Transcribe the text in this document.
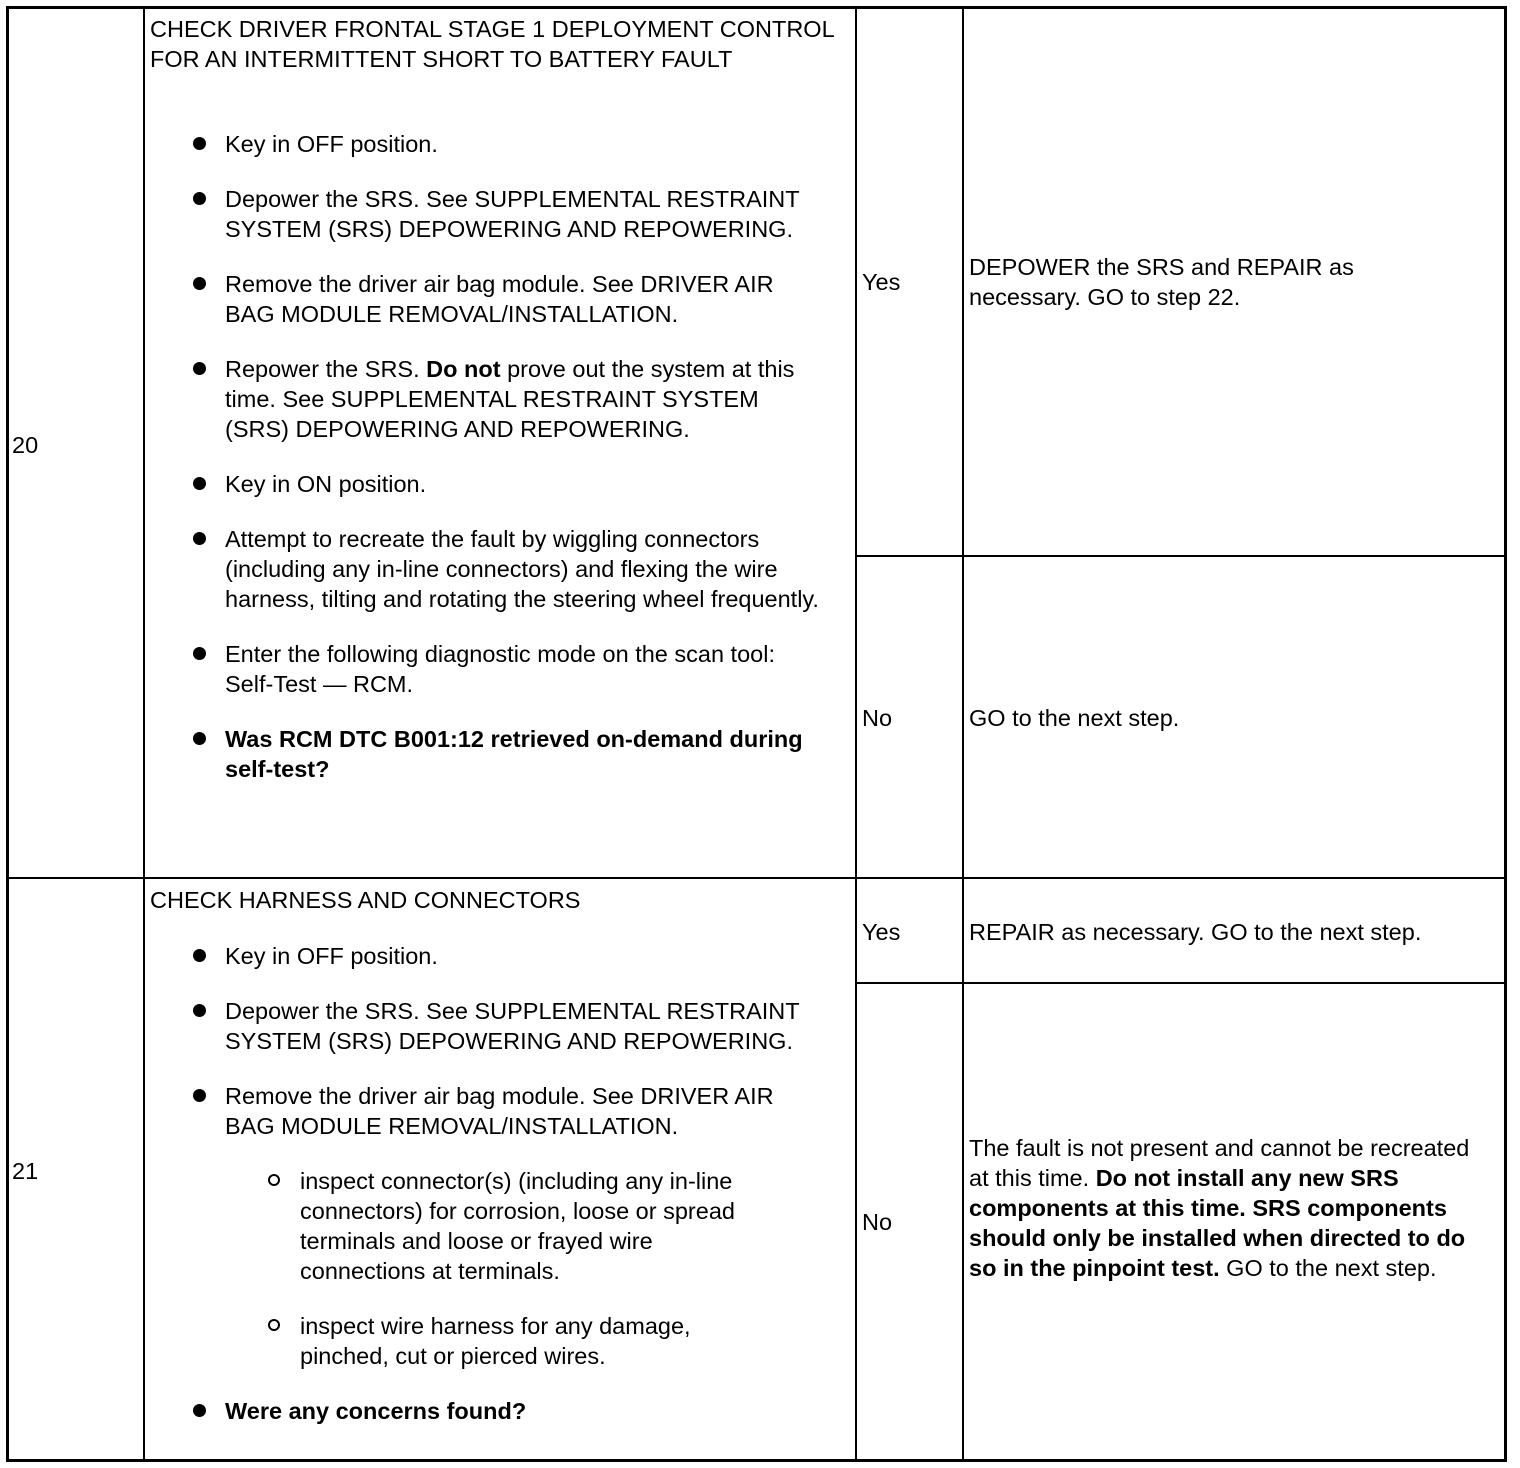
20
CHECK DRIVER FRONTAL STAGE 1 DEPLOYMENT CONTROL FOR AN INTERMITTENT SHORT TO BATTERY FAULT
Key in OFF position.
Depower the SRS. See SUPPLEMENTAL RESTRAINT SYSTEM (SRS) DEPOWERING AND REPOWERING.
Remove the driver air bag module. See DRIVER AIR BAG MODULE REMOVAL/INSTALLATION.
Repower the SRS. Do not prove out the system at this time. See SUPPLEMENTAL RESTRAINT SYSTEM (SRS) DEPOWERING AND REPOWERING.
Key in ON position.
Attempt to recreate the fault by wiggling connectors (including any in-line connectors) and flexing the wire harness, tilting and rotating the steering wheel frequently.
Enter the following diagnostic mode on the scan tool: Self-Test — RCM.
Was RCM DTC B001:12 retrieved on-demand during self-test?
Yes
DEPOWER the SRS and REPAIR as necessary. GO to step 22.
No	GO to the next step.
21
CHECK HARNESS AND CONNECTORS
Key in OFF position.
Depower the SRS. See SUPPLEMENTAL RESTRAINT SYSTEM (SRS) DEPOWERING AND REPOWERING.
Remove the driver air bag module. See DRIVER AIR BAG MODULE REMOVAL/INSTALLATION.
inspect connector(s) (including any in-line connectors) for corrosion, loose or spread terminals and loose or frayed wire connections at terminals.
inspect wire harness for any damage, pinched, cut or pierced wires.
Were any concerns found?
Yes	REPAIR as necessary. GO to the next step.
No
The fault is not present and cannot be recreated at this time. Do not install any new SRS components at this time. SRS components should only be installed when directed to do so in the pinpoint test. GO to the next step.
